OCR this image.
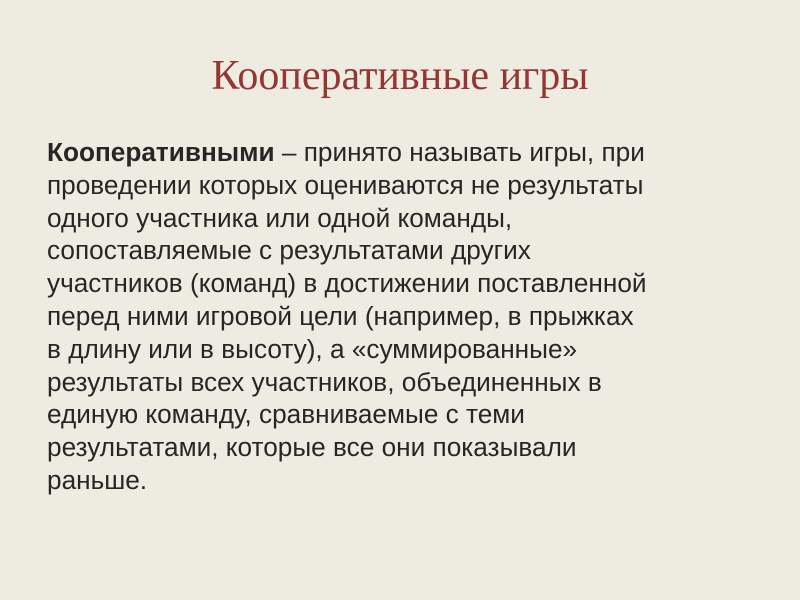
Кооперативные игры

Кооперативными – принято называть игры, при
проведении которых оцениваются не результаты
одного участника или одной команды,
сопоставляемые с результатами других
участников (команд) в достижении поставленной
перед ними игровой цели (например, в прыжках
в длину или в высоту), а «суммированные»
результаты всех участников, объединенных в
единую команду, сравниваемые с теми
результатами, которые все они показывали
раньше.
